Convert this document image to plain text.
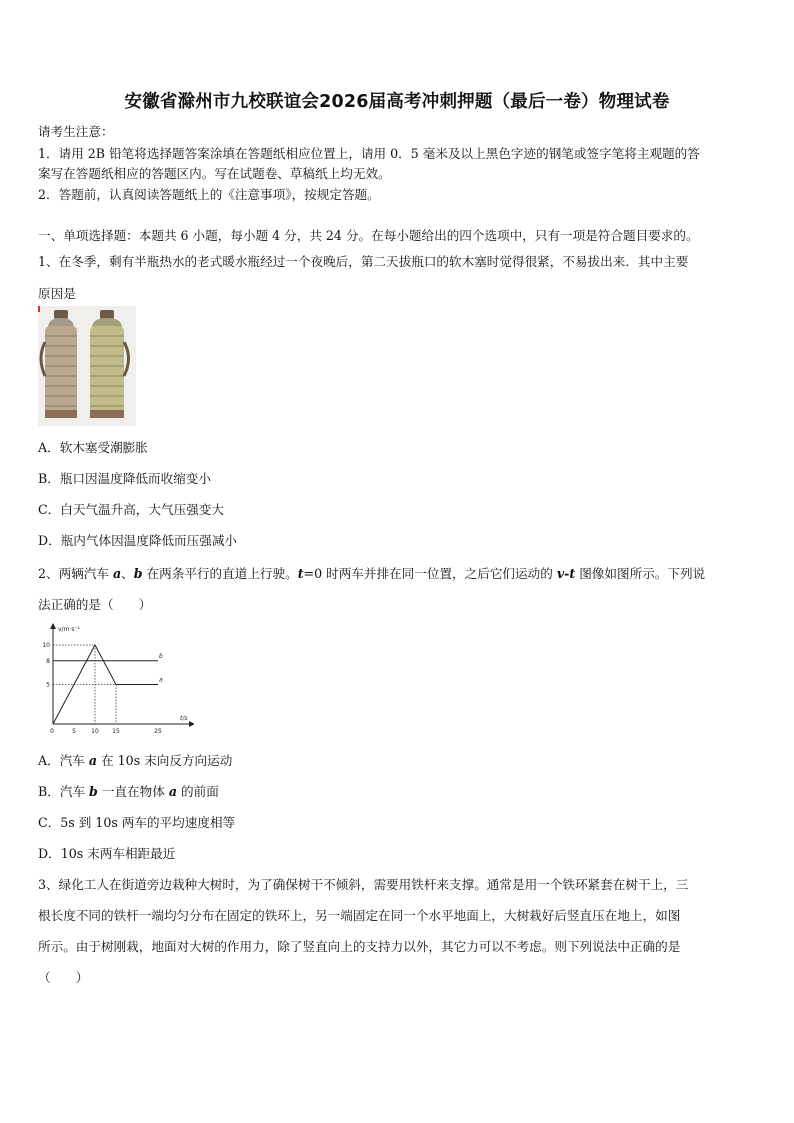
安徽省滁州市九校联谊会2026届高考冲刺押题（最后一卷）物理试卷
请考生注意：
1．请用 2B 铅笔将选择题答案涂填在答题纸相应位置上，请用 0．5 毫米及以上黑色字迹的钢笔或签字笔将主观题的答
案写在答题纸相应的答题区内。写在试题卷、草稿纸上均无效。
2．答题前，认真阅读答题纸上的《注意事项》，按规定答题。
一、单项选择题：本题共 6 小题，每小题 4 分，共 24 分。在每小题给出的四个选项中，只有一项是符合题目要求的。
1、在冬季，剩有半瓶热水的老式暖水瓶经过一个夜晚后，第二天拔瓶口的软木塞时觉得很紧，不易拔出来．其中主要
原因是
A．软木塞受潮膨胀
B．瓶口因温度降低而收缩变小
C．白天气温升高，大气压强变大
D．瓶内气体因温度降低而压强减小
2、两辆汽车 a、b 在两条平行的直道上行驶。t=0 时两车并排在同一位置，之后它们运动的 v-t 图像如图所示。下列说
法正确的是（　　）
v/m·s⁻¹
t/s
b
a
10
8
5
0	5	10 15	25
A．汽车 a 在 10s 末向反方向运动
B．汽车 b 一直在物体 a 的前面
C．5s 到 10s 两车的平均速度相等
D．10s 末两车相距最近
3、绿化工人在街道旁边栽种大树时，为了确保树干不倾斜，需要用铁杆来支撑。通常是用一个铁环紧套在树干上，三
根长度不同的铁杆一端均匀分布在固定的铁环上，另一端固定在同一个水平地面上，大树栽好后竖直压在地上，如图
所示。由于树刚栽，地面对大树的作用力，除了竖直向上的支持力以外，其它力可以不考虑。则下列说法中正确的是
（　　）
